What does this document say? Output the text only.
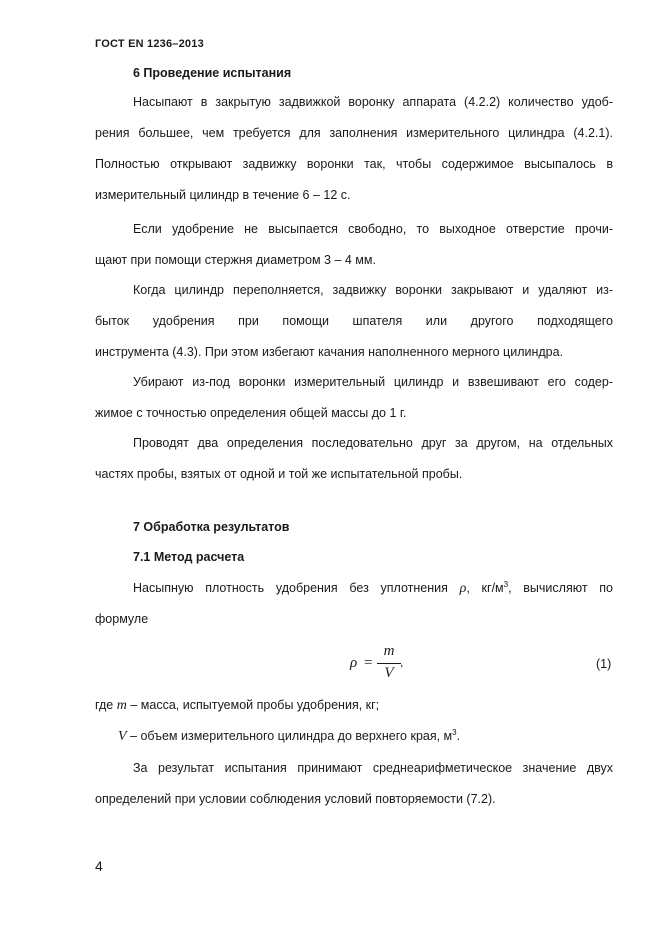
ГОСТ EN 1236–2013
6 Проведение испытания
Насыпают в закрытую задвижкой воронку аппарата (4.2.2) количество удоб-
рения большее, чем требуется для заполнения измерительного цилиндра (4.2.1).
Полностью открывают задвижку воронки так, чтобы содержимое высыпалось в
измерительный цилиндр в течение 6 – 12 с.
Если удобрение не высыпается свободно, то выходное отверстие прочи-
щают при помощи стержня диаметром 3 – 4 мм.
Когда цилиндр переполняется, задвижку воронки закрывают и удаляют из-
быток удобрения при помощи шпателя или другого подходящего
инструмента (4.3). При этом избегают качания наполненного мерного цилиндра.
Убирают из-под воронки измерительный цилиндр и взвешивают его содер-
жимое с точностью определения общей массы до 1 г.
Проводят два определения последовательно друг за другом, на отдельных
частях пробы, взятых от одной и той же испытательной пробы.
7 Обработка результатов
7.1 Метод расчета
Насыпную плотность удобрения без уплотнения ρ, $кг/м^3$, вычисляют по
формуле
ρ =
m
V
,	(1)
где m – масса, испытуемой пробы удобрения, кг;
V – объем измерительного цилиндра до верхнего края, $м^3$.
За результат испытания принимают среднеарифметическое значение двух
определений при условии соблюдения условий повторяемости (7.2).
4
